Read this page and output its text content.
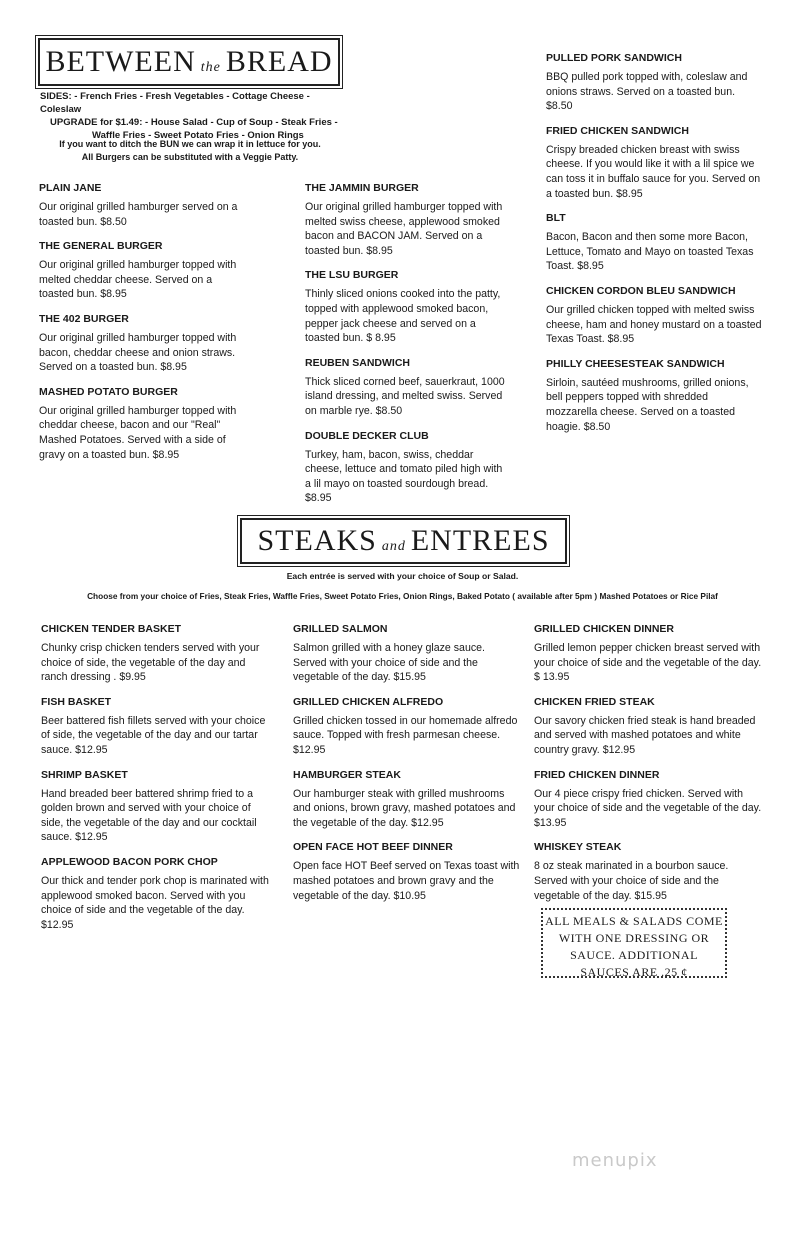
BETWEEN the BREAD
SIDES: - French Fries - Fresh Vegetables - Cottage Cheese - Coleslaw
UPGRADE for $1.49: - House Salad - Cup of Soup - Steak Fries -
Waffle Fries - Sweet Potato Fries - Onion Rings
If you want to ditch the BUN we can wrap it in lettuce for you.
All Burgers can be substituted with a Veggie Patty.
PLAIN JANE
Our original grilled hamburger served on a toasted bun. $8.50
THE GENERAL BURGER
Our original grilled hamburger topped with melted cheddar cheese. Served on a toasted bun. $8.95
THE 402 BURGER
Our original grilled hamburger topped with bacon, cheddar cheese and onion straws. Served on a toasted bun. $8.95
MASHED POTATO BURGER
Our original grilled hamburger topped with cheddar cheese, bacon and our "Real" Mashed Potatoes. Served with a side of gravy on a toasted bun. $8.95
THE JAMMIN BURGER
Our original grilled hamburger topped with melted swiss cheese, applewood smoked bacon and BACON JAM. Served on a toasted bun. $8.95
THE LSU BURGER
Thinly sliced onions cooked into the patty, topped with applewood smoked bacon, pepper jack cheese and served on a toasted bun. $ 8.95
REUBEN SANDWICH
Thick sliced corned beef, sauerkraut, 1000 island dressing, and melted swiss. Served on marble rye. $8.50
DOUBLE DECKER CLUB
Turkey, ham, bacon, swiss, cheddar cheese, lettuce and tomato piled high with a lil mayo on toasted sourdough bread. $8.95
PULLED PORK SANDWICH
BBQ pulled pork topped with, coleslaw and onions straws. Served on a toasted bun. $8.50
FRIED CHICKEN SANDWICH
Crispy breaded chicken breast with swiss cheese. If you would like it with a lil spice we can toss it in buffalo sauce for you. Served on a toasted bun. $8.95
BLT
Bacon, Bacon and then some more Bacon, Lettuce, Tomato and Mayo on toasted Texas Toast. $8.95
CHICKEN CORDON BLEU SANDWICH
Our grilled chicken topped with melted swiss cheese, ham and honey mustard on a toasted Texas Toast. $8.95
PHILLY CHEESESTEAK SANDWICH
Sirloin, sautéed mushrooms, grilled onions, bell peppers topped with shredded mozzarella cheese. Served on a toasted hoagie. $8.50
STEAKS and ENTREES
Each entrée is served with your choice of Soup or Salad.
Choose from your choice of Fries, Steak Fries, Waffle Fries, Sweet Potato Fries, Onion Rings, Baked Potato ( available after 5pm ) Mashed Potatoes or Rice Pilaf
CHICKEN TENDER BASKET
Chunky crisp chicken tenders served with your choice of side, the vegetable of the day and ranch dressing . $9.95
FISH BASKET
Beer battered fish fillets served with your choice of side, the vegetable of the day and our tartar sauce. $12.95
SHRIMP BASKET
Hand breaded beer battered shrimp fried to a golden brown and served with your choice of side, the vegetable of the day and our cocktail sauce. $12.95
APPLEWOOD BACON PORK CHOP
Our thick and tender pork chop is marinated with applewood smoked bacon. Served with you choice of side and the vegetable of the day. $12.95
GRILLED SALMON
Salmon grilled with a honey glaze sauce. Served with your choice of side and the vegetable of the day. $15.95
GRILLED CHICKEN ALFREDO
Grilled chicken tossed in our homemade alfredo sauce. Topped with fresh parmesan cheese. $12.95
HAMBURGER STEAK
Our hamburger steak with grilled mushrooms and onions, brown gravy, mashed potatoes and the vegetable of the day. $12.95
OPEN FACE HOT BEEF DINNER
Open face HOT Beef served on Texas toast with mashed potatoes and brown gravy and the vegetable of the day. $10.95
GRILLED CHICKEN DINNER
Grilled lemon pepper chicken breast served with your choice of side and the vegetable of the day. $ 13.95
CHICKEN FRIED STEAK
Our savory chicken fried steak is hand breaded and served with mashed potatoes and white country gravy. $12.95
FRIED CHICKEN DINNER
Our 4 piece crispy fried chicken. Served with your choice of side and the vegetable of the day. $13.95
WHISKEY STEAK
8 oz steak marinated in a bourbon sauce. Served with your choice of side and the vegetable of the day. $15.95
ALL MEALS & SALADS COME WITH ONE DRESSING OR SAUCE. ADDITIONAL SAUCES ARE .25 ¢
menupix
